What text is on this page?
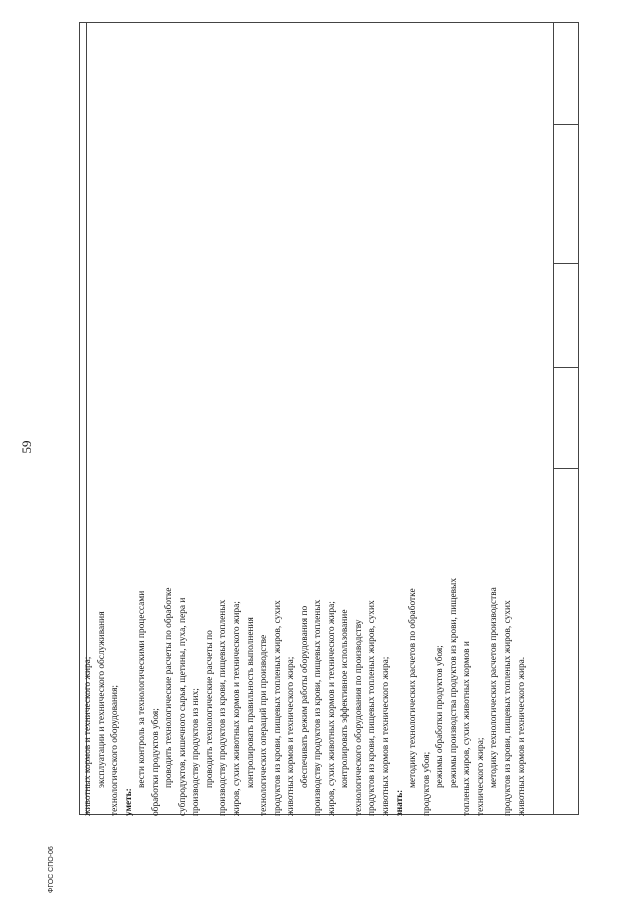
59
ФГОС СПО-06
животных кормов и технического жира; эксплуатации и технического обслуживания технологического оборудования; уметь:
вести контроль за технологическими процессами обработки продуктов убоя; проводить технологические расчеты по обработке субпродуктов, кишечного сырья, щетины, пуха, пера и производству продуктов из них; проводить технологические расчеты по производству продуктов из крови, пищевых топленых жиров, сухих животных кормов и технического жира; контролировать правильность выполнения технологических операций при производстве продуктов из крови, пищевых топленых жиров, сухих животных кормов и технического жира; обеспечивать режим работы оборудования по производству продуктов из крови, пищевых топленых жиров, сухих животных кормов и технического жира; контролировать эффективное использование технологического оборудования по производству продуктов из крови, пищевых топленых жиров, сухих животных кормов и технического жира; знать:
методику технологических расчетов по обработке продуктов убоя; режимы обработки продуктов убоя; режимы производства продуктов из крови, пищевых топленых жиров, сухих животных кормов и технического жира; методику технологических расчетов производства продуктов из крови, пищевых топленых жиров, сухих животных кормов и технического жира.
